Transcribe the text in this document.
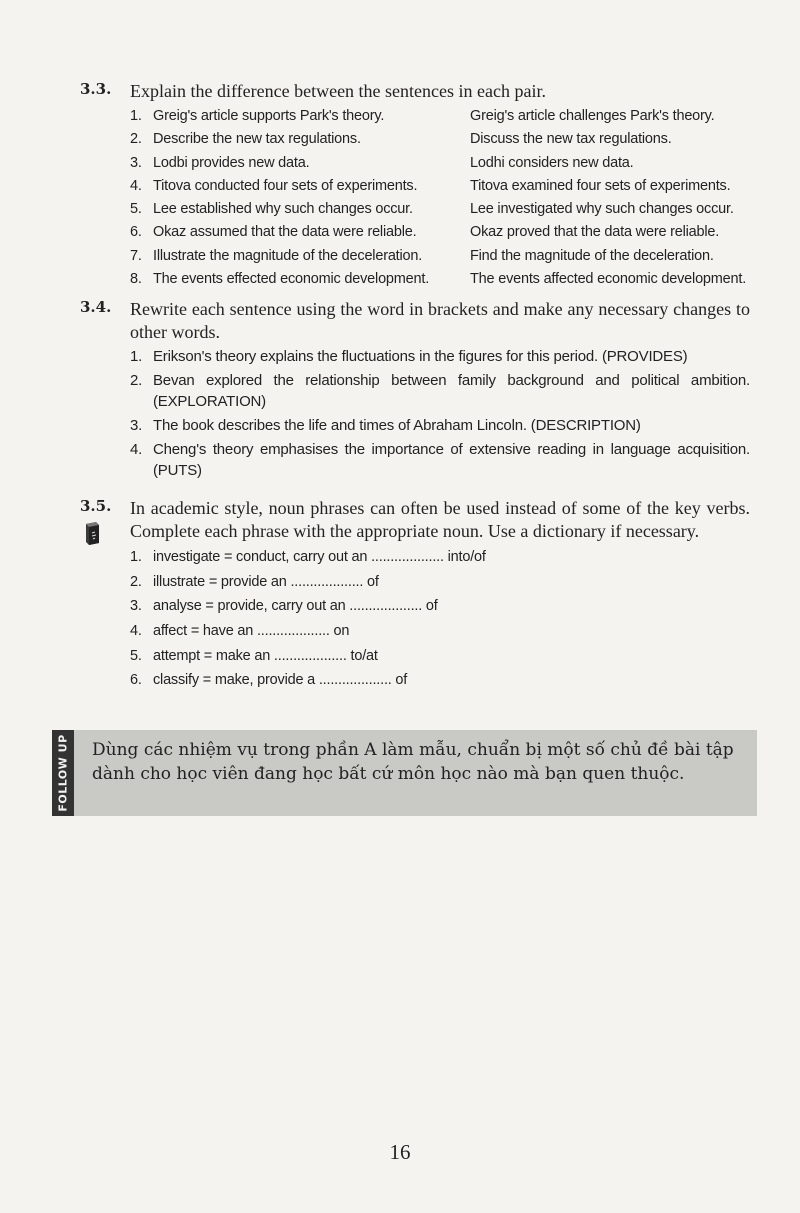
3.3. Explain the difference between the sentences in each pair.
1. Greig's article supports Park's theory.	Greig's article challenges Park's theory.
2. Describe the new tax regulations.	Discuss the new tax regulations.
3. Lodbi provides new data.	Lodhi considers new data.
4. Titova conducted four sets of experiments.	Titova examined four sets of experiments.
5. Lee established why such changes occur.	Lee investigated why such changes occur.
6. Okaz assumed that the data were reliable.	Okaz proved that the data were reliable.
7. Illustrate the magnitude of the deceleration.	Find the magnitude of the deceleration.
8. The events effected economic development.	The events affected economic development.
3.4. Rewrite each sentence using the word in brackets and make any necessary changes to other words.
1. Erikson's theory explains the fluctuations in the figures for this period. (PROVIDES)
2. Bevan explored the relationship between family background and political ambition. (EXPLORATION)
3. The book describes the life and times of Abraham Lincoln. (DESCRIPTION)
4. Cheng's theory emphasises the importance of extensive reading in language acquisition. (PUTS)
3.5. In academic style, noun phrases can often be used instead of some of the key verbs. Complete each phrase with the appropriate noun. Use a dictionary if necessary.
1. investigate = conduct, carry out an ................... into/of
2. illustrate = provide an ................... of
3. analyse = provide, carry out an ................... of
4. affect = have an ................... on
5. attempt = make an ................... to/at
6. classify = make, provide a ................... of
FOLLOW UP Dùng các nhiệm vụ trong phần A làm mẫu, chuẩn bị một số chủ đề bài tập dành cho học viên đang học bất cứ môn học nào mà bạn quen thuộc.
16
